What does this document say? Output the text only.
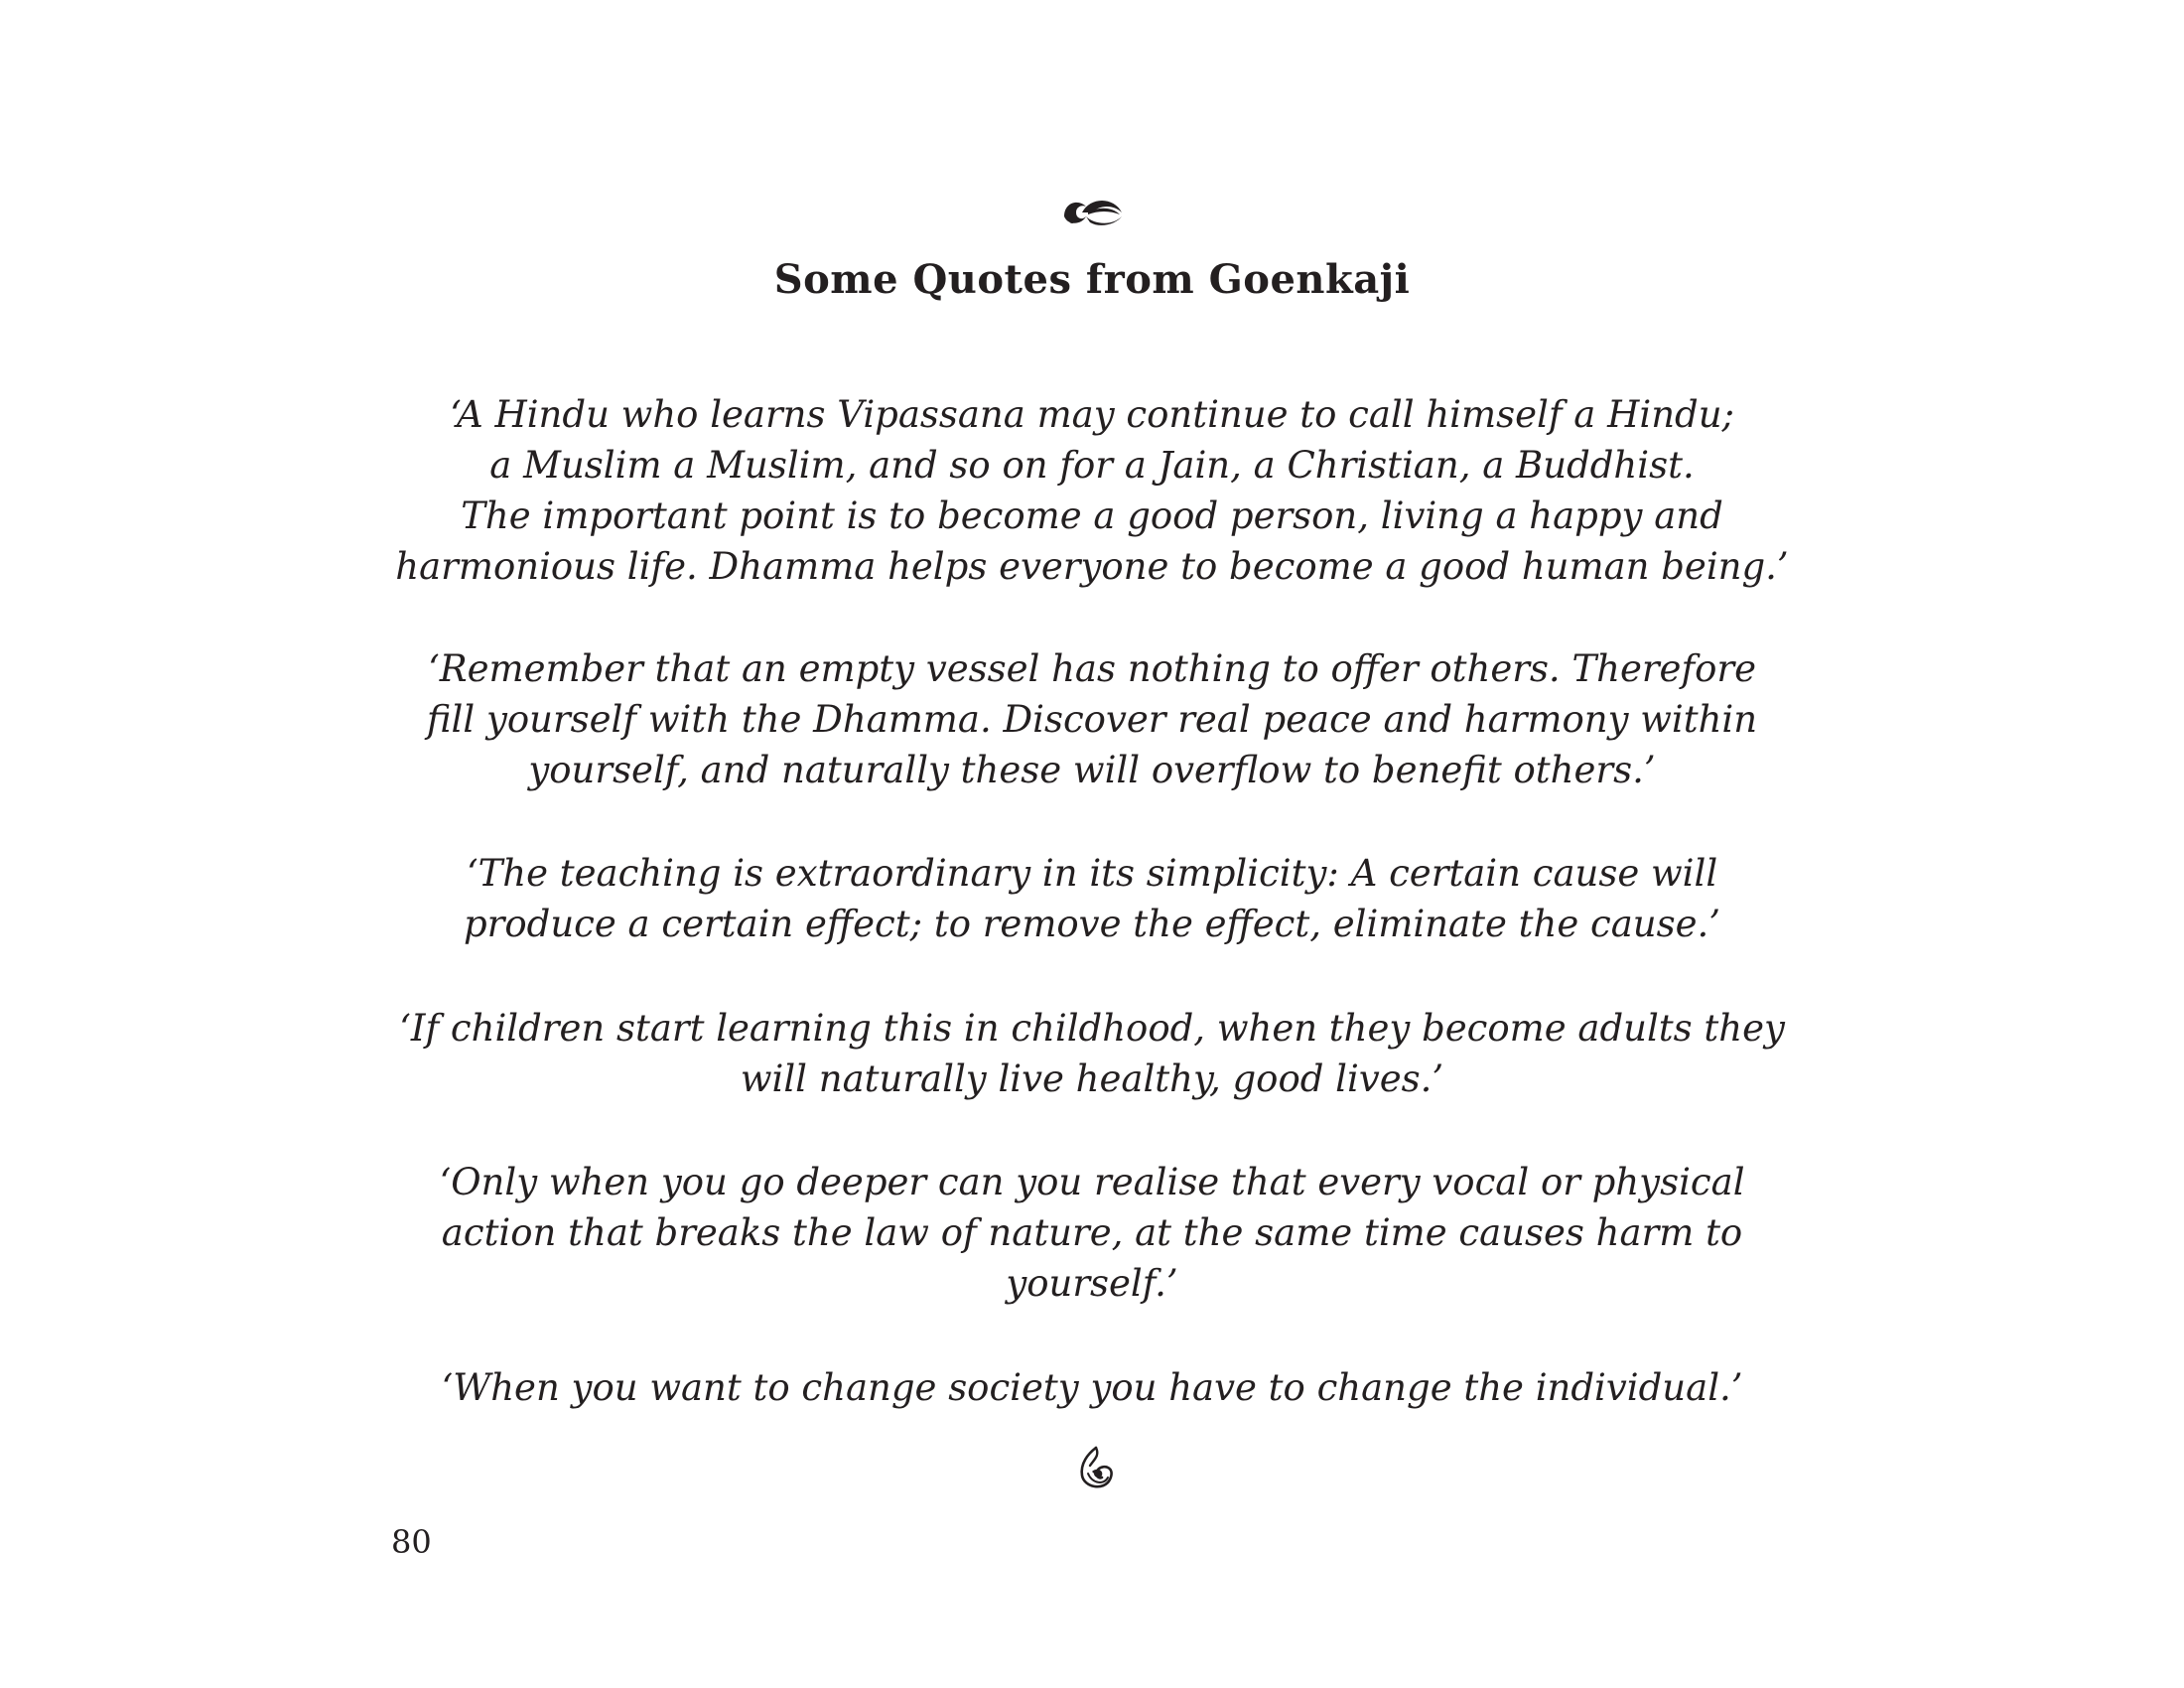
Some Quotes from Goenkaji
‘A Hindu who learns Vipassana may continue to call himself a Hindu;
a Muslim a Muslim, and so on for a Jain, a Christian, a Buddhist.
The important point is to become a good person, living a happy and
harmonious life. Dhamma helps everyone to become a good human being.’
‘Remember that an empty vessel has nothing to offer others. Therefore
fill yourself with the Dhamma. Discover real peace and harmony within
yourself, and naturally these will overflow to benefit others.’
‘The teaching is extraordinary in its simplicity: A certain cause will
produce a certain effect; to remove the effect, eliminate the cause.’
‘If children start learning this in childhood, when they become adults they
will naturally live healthy, good lives.’
‘Only when you go deeper can you realise that every vocal or physical
action that breaks the law of nature, at the same time causes harm to
yourself.’
‘When you want to change society you have to change the individual.’

80
